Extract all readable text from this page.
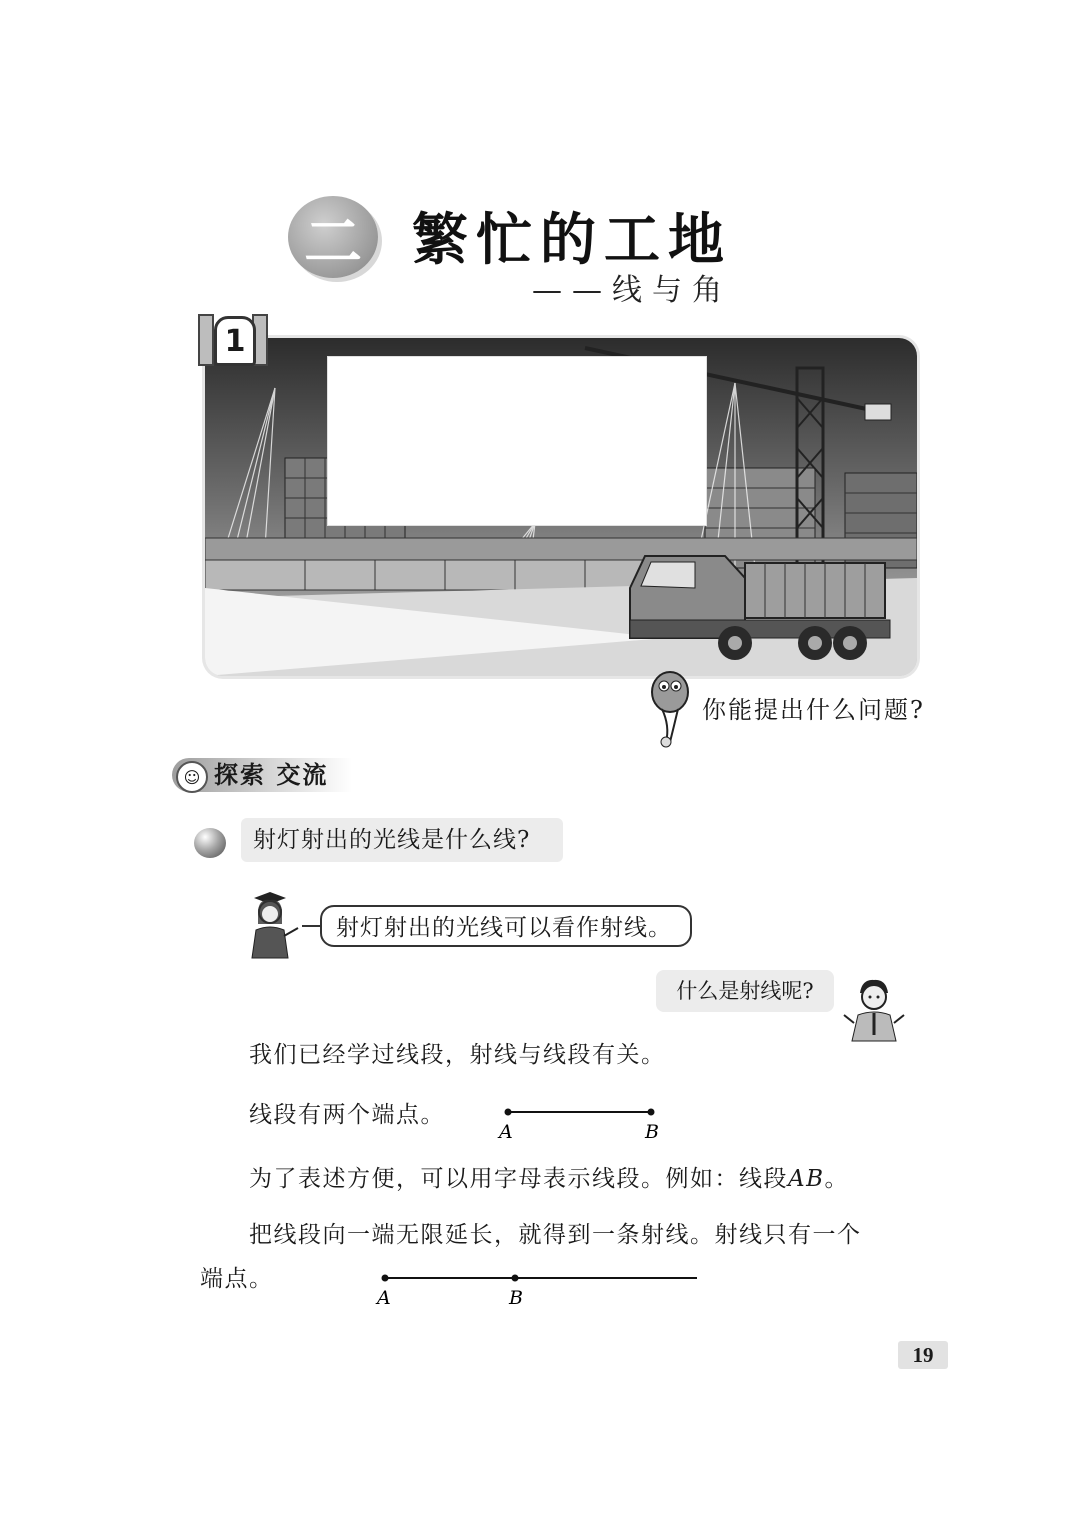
二 繁忙的工地
——线与角
1
你能提出什么问题?
☺ 探索 交流
射灯射出的光线是什么线?
射灯射出的光线可以看作射线。
什么是射线呢?
我们已经学过线段，射线与线段有关。
线段有两个端点。
A	B
为了表述方便，可以用字母表示线段。例如：线段AB。
把线段向一端无限延长，就得到一条射线。射线只有一个
端点。
A	B
19
